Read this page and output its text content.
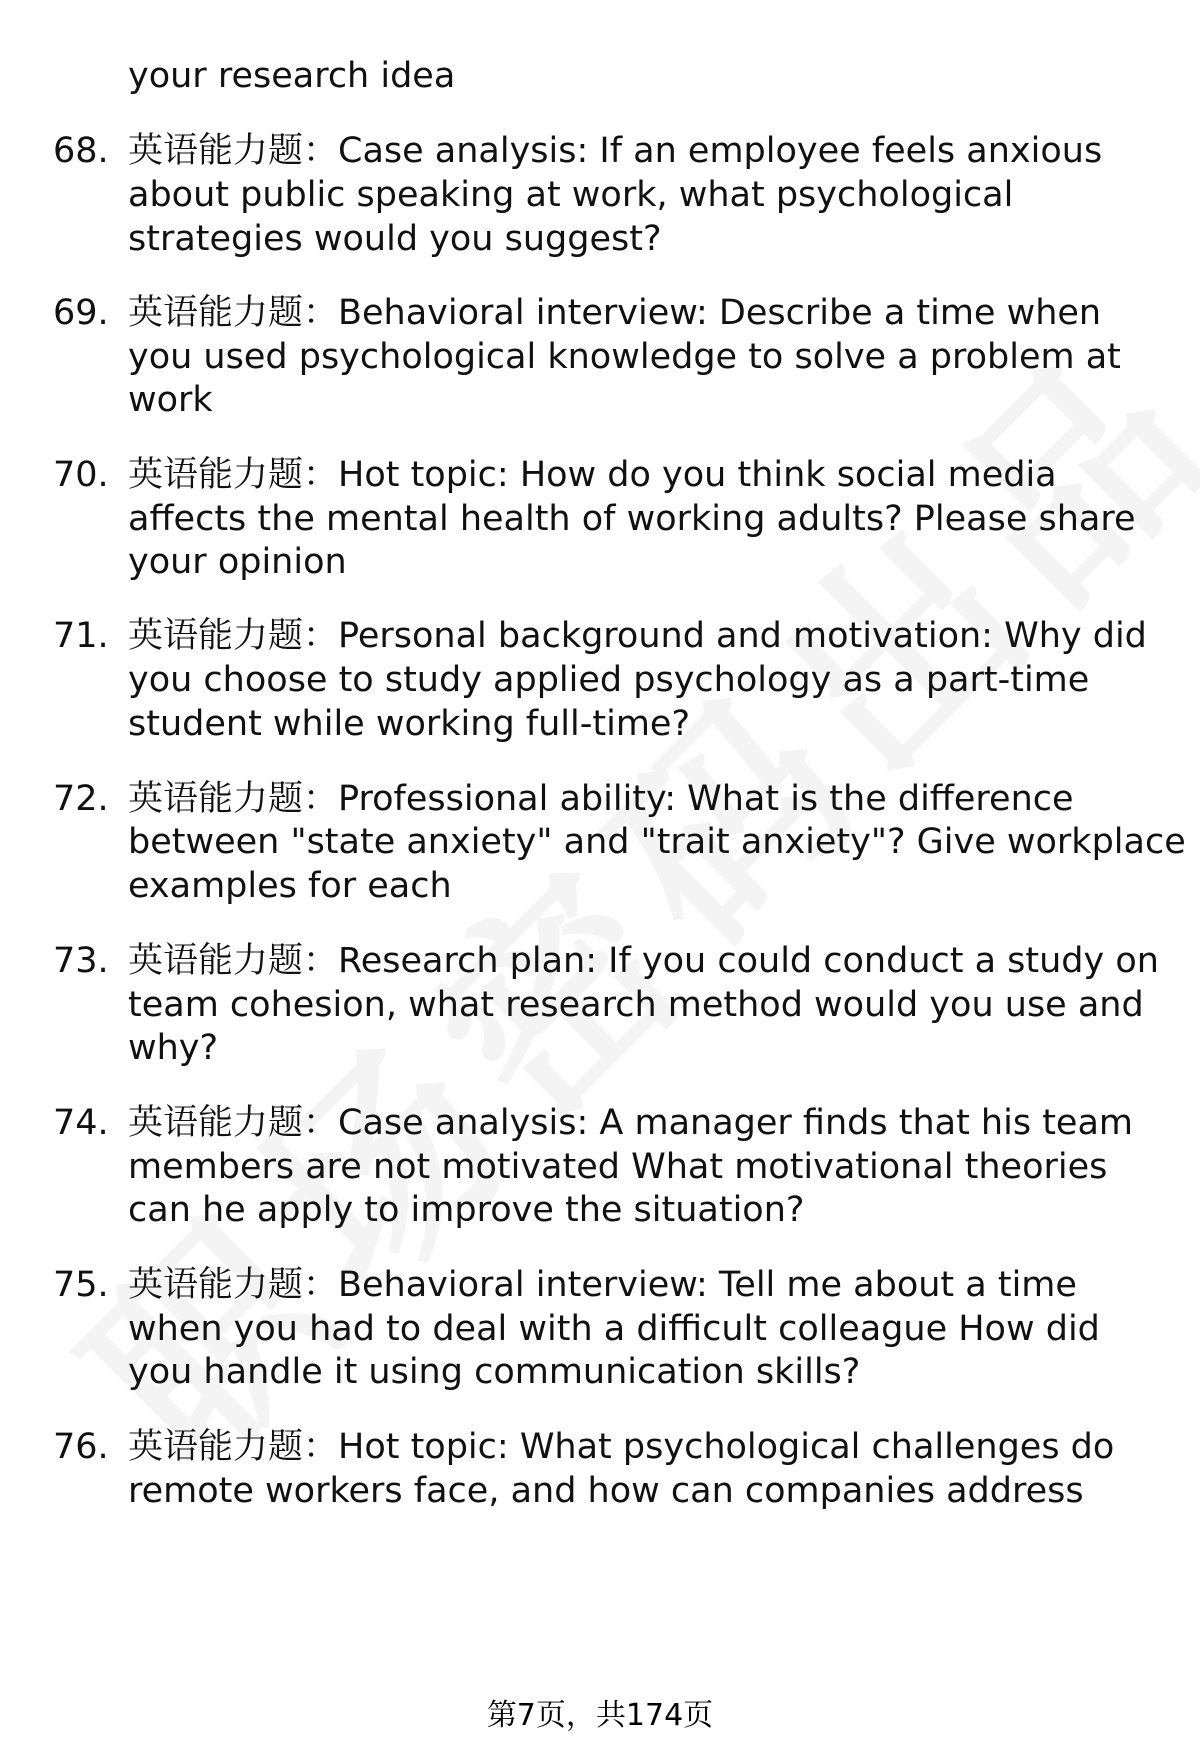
your research idea
68. 英语能力题：Case analysis: If an employee feels anxious
about public speaking at work, what psychological
strategies would you suggest?
69. 英语能力题：Behavioral interview: Describe a time when
you used psychological knowledge to solve a problem at
work
70. 英语能力题：Hot topic: How do you think social media
affects the mental health of working adults? Please share
your opinion
71. 英语能力题：Personal background and motivation: Why did
you choose to study applied psychology as a part-time
student while working full-time?
72. 英语能力题：Professional ability: What is the difference
between "state anxiety" and "trait anxiety"? Give workplace
examples for each
73. 英语能力题：Research plan: If you could conduct a study on
team cohesion, what research method would you use and
why?
74. 英语能力题：Case analysis: A manager finds that his team
members are not motivated What motivational theories
can he apply to improve the situation?
75. 英语能力题：Behavioral interview: Tell me about a time
when you had to deal with a difficult colleague How did
you handle it using communication skills?
76. 英语能力题：Hot topic: What psychological challenges do
remote workers face, and how can companies address
第7页，共174页
